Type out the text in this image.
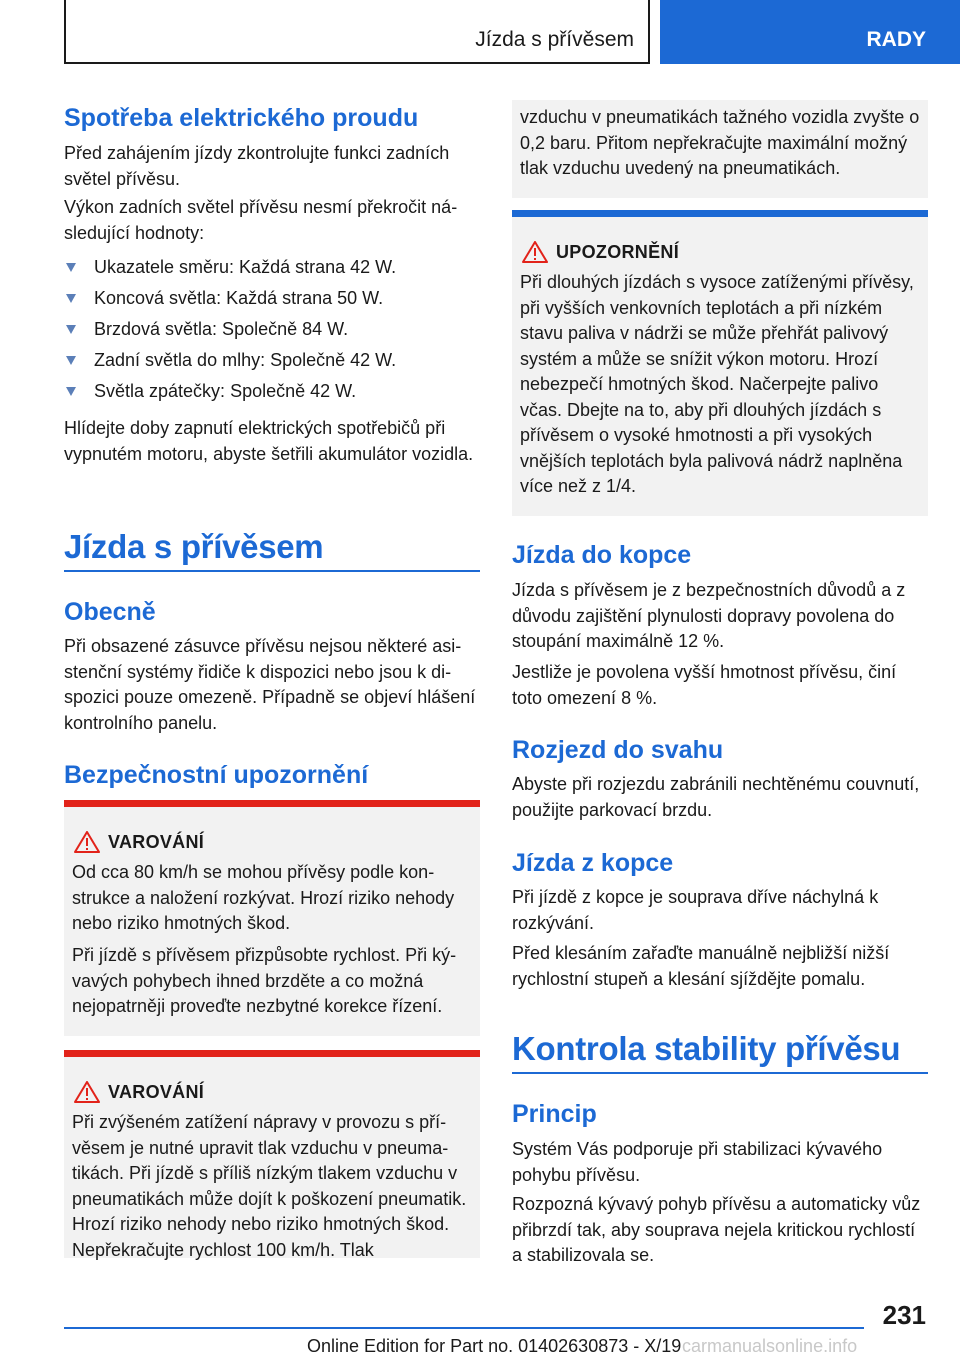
Jízda s přívěsem	RADY
Spotřeba elektrického proudu
Před zahájením jízdy zkontrolujte funkci zadních světel přívěsu.
Výkon zadních světel přívěsu nesmí překročit následující hodnoty:
Ukazatele směru: Každá strana 42 W.
Koncová světla: Každá strana 50 W.
Brzdová světla: Společně 84 W.
Zadní světla do mlhy: Společně 42 W.
Světla zpátečky: Společně 42 W.
Hlídejte doby zapnutí elektrických spotřebičů při vypnutém motoru, abyste šetřili akumulátor vozidla.
Jízda s přívěsem
Obecně
Při obsazené zásuvce přívěsu nejsou některé asistenční systémy řidiče k dispozici nebo jsou k dispozici pouze omezeně. Případně se objeví hlášení kontrolního panelu.
Bezpečnostní upozornění
VAROVÁNÍ
Od cca 80 km/h se mohou přívěsy podle konstrukce a naložení rozkývat. Hrozí riziko nehody nebo riziko hmotných škod.
Při jízdě s přívěsem přizpůsobte rychlost. Při kývavých pohybech ihned brzděte a co možná nejopatrněji proveďte nezbytné korekce řízení.
VAROVÁNÍ
Při zvýšeném zatížení nápravy v provozu s přívěsem je nutné upravit tlak vzduchu v pneumatikách. Při jízdě s příliš nízkým tlakem vzduchu v pneumatikách může dojít k poškození pneumatik. Hrozí riziko nehody nebo riziko hmotných škod. Nepřekračujte rychlost 100 km/h. Tlak
vzduchu v pneumatikách tažného vozidla zvyšte o 0,2 baru. Přitom nepřekračujte maximální možný tlak vzduchu uvedený na pneumatikách.
UPOZORNĚNÍ
Při dlouhých jízdách s vysoce zatíženými přívěsy, při vyšších venkovních teplotách a při nízkém stavu paliva v nádrži se může přehřát palivový systém a může se snížit výkon motoru. Hrozí nebezpečí hmotných škod. Načerpejte palivo včas. Dbejte na to, aby při dlouhých jízdách s přívěsem o vysoké hmotnosti a při vysokých vnějších teplotách byla palivová nádrž naplněna více než z 1/4.
Jízda do kopce
Jízda s přívěsem je z bezpečnostních důvodů a z důvodu zajištění plynulosti dopravy povolena do stoupání maximálně 12 %.
Jestliže je povolena vyšší hmotnost přívěsu, činí toto omezení 8 %.
Rozjezd do svahu
Abyste při rozjezdu zabránili nechtěnému couvnutí, použijte parkovací brzdu.
Jízda z kopce
Při jízdě z kopce je souprava dříve náchylná k rozkývání.
Před klesáním zařaďte manuálně nejbližší nižší rychlostní stupeň a klesání sjíždějte pomalu.
Kontrola stability přívěsu
Princip
Systém Vás podporuje při stabilizaci kývavého pohybu přívěsu.
Rozpozná kývavý pohyb přívěsu a automaticky vůz přibrzdí tak, aby souprava nejela kritickou rychlostí a stabilizovala se.
231
Online Edition for Part no. 01402630873 - X/19 carmanualsonline.info
